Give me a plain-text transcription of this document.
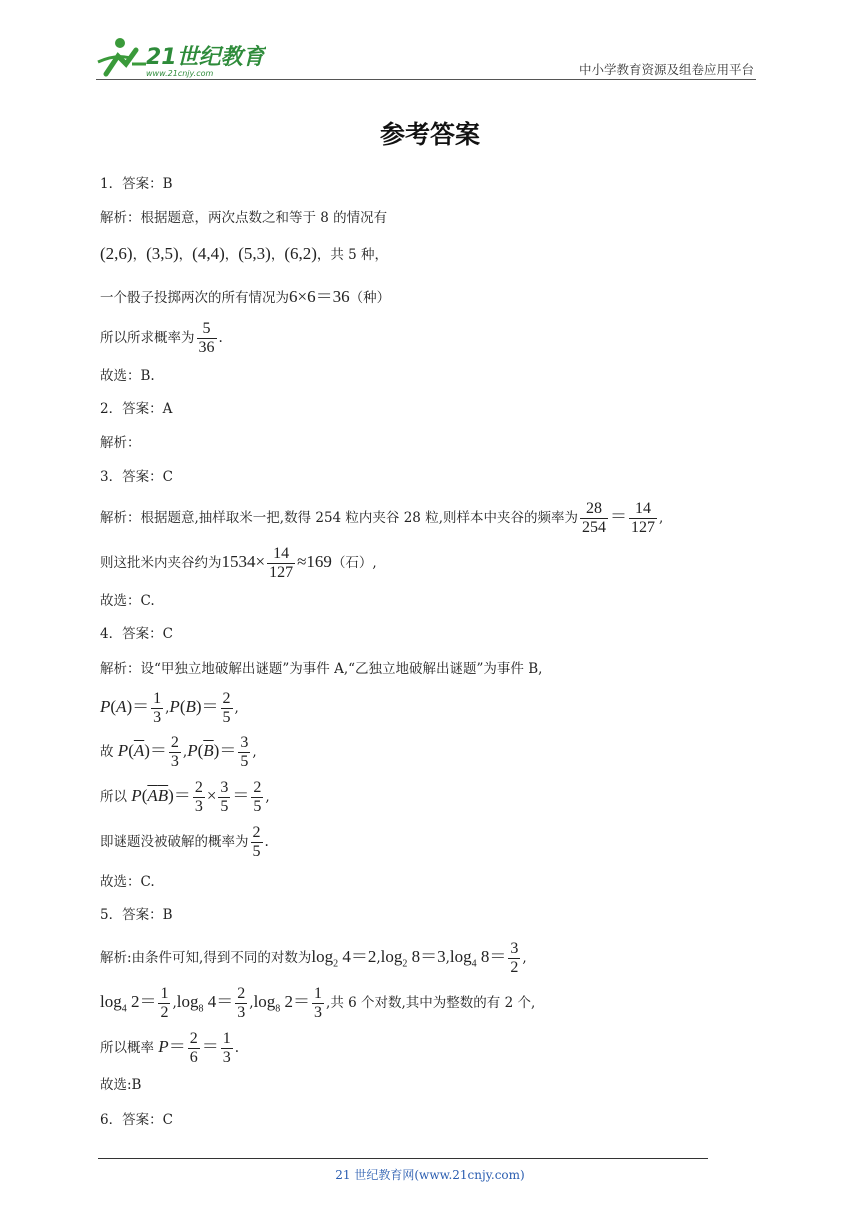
21世纪教育
www.21cnjy.com	中小学教育资源及组卷应用平台
参考答案
1．答案：B
解析：根据题意，两次点数之和等于 8 的情况有
(2,6)，(3,5)，(4,4)，(5,3)，(6,2)，共 5 种，
一个骰子投掷两次的所有情况为6×6＝36（种）
所以所求概率为 $\frac{5}{36}$ .
故选：B.
2．答案：A
解析：
3．答案：C
解析：根据题意,抽样取米一把,数得 254 粒内夹谷 28 粒,则样本中夹谷的频率为 $\frac{28}{254} = \frac{14}{127}$ ,
则这批米内夹谷约为$1534\times \frac{14}{127} \approx 169$（石）,
故选：C.
4．答案：C
解析：设“甲独立地破解出谜题”为事件 A,“乙独立地破解出谜题”为事件 B,
$P(A)= \frac{1}{3} ,P(B)= \frac{2}{5}$ ,
故 $P(\overline{A})= \frac{2}{3} ,P(\overline{B})= \frac{3}{5}$ ,
所以 $P(\overline{A}\overline{B})= \frac{2}{3} \times \frac{3}{5} = \frac{2}{5}$ ,
即谜题没被破解的概率为 $\frac{2}{5}$ .
故选：C.
5．答案：B
解析:由条件可知,得到不同的对数为$\log_2 4=2,\log_2$ $8=3,\log_4$ $8= \frac{3}{2}$ ,
$\log_4 2= \frac{1}{2} ,\log_8$ $4= \frac{2}{3} ,\log_8$ $2= \frac{1}{3}$ ,共 6 个对数,其中为整数的有 2 个,
所以概率 $P= \frac{2}{6} = \frac{1}{3}$ .
故选:B
6．答案：C
21 世纪教育网(www.21cnjy.com)
